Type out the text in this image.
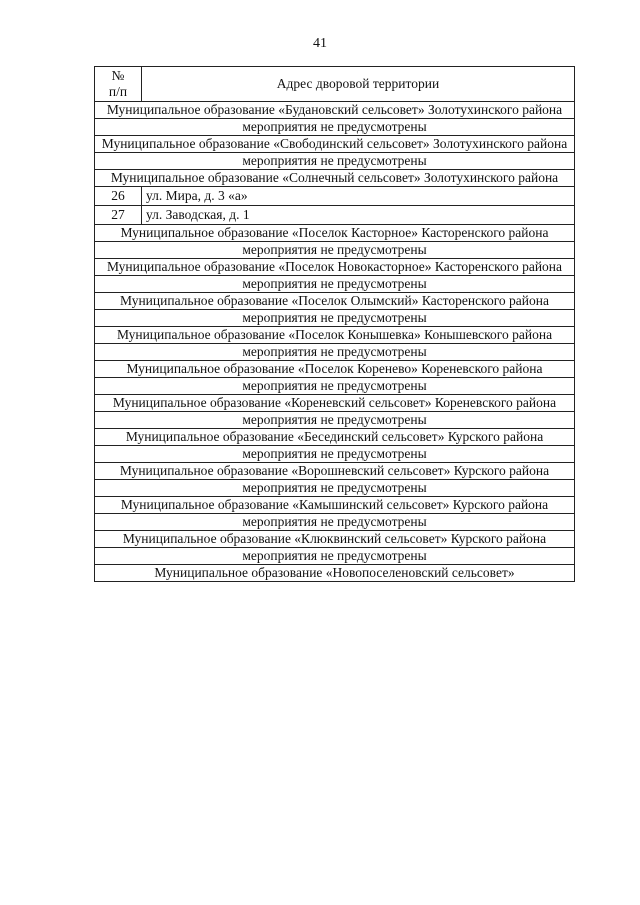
41
№
п/п	Адрес дворовой территории
Муниципальное образование «Будановский сельсовет» Золотухинского района	
мероприятия не предусмотрены	
Муниципальное образование «Свободинский сельсовет» Золотухинского района	
мероприятия не предусмотрены	
Муниципальное образование «Солнечный сельсовет» Золотухинского района	
26	ул. Мира, д. 3 «а»
27	ул. Заводская, д. 1
Муниципальное образование «Поселок Касторное» Касторенского района	
мероприятия не предусмотрены	
Муниципальное образование «Поселок Новокасторное» Касторенского района	
мероприятия не предусмотрены	
Муниципальное образование «Поселок Олымский» Касторенского района	
мероприятия не предусмотрены	
Муниципальное образование «Поселок Конышевка» Конышевского района	
мероприятия не предусмотрены	
Муниципальное образование «Поселок Коренево» Кореневского района	
мероприятия не предусмотрены	
Муниципальное образование «Кореневский сельсовет» Кореневского района	
мероприятия не предусмотрены	
Муниципальное образование «Бесединский сельсовет» Курского района	
мероприятия не предусмотрены	
Муниципальное образование «Ворошневский сельсовет» Курского района	
мероприятия не предусмотрены	
Муниципальное образование «Камышинский сельсовет» Курского района	
мероприятия не предусмотрены	
Муниципальное образование «Клюквинский сельсовет» Курского района	
мероприятия не предусмотрены	
Муниципальное образование «Новопоселеновский сельсовет»	
